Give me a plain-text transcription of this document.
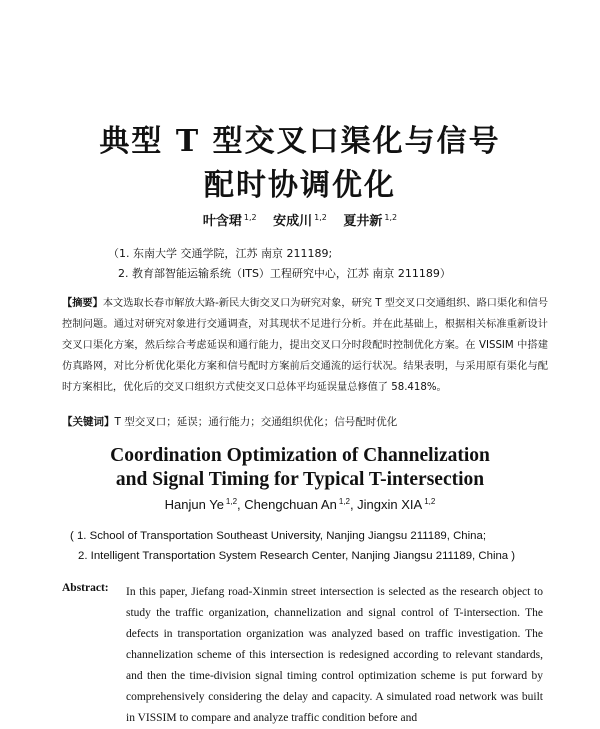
典型 T 型交叉口渠化与信号
配时协调优化
叶含珺 $^{1,2}$ 安成川 $^{1,2}$ 夏井新 $^{1,2}$
（1. 东南大学 交通学院，江苏 南京 211189;
2. 教育部智能运输系统（ITS）工程研究中心，江苏 南京 211189）
【摘要】本文选取长春市解放大路-新民大街交叉口为研究对象，研究 T 型交叉口交通组织、路口渠化和信号控制问题。通过对研究对象进行交通调查，对其现状不足进行分析。并在此基础上，根据相关标准重新设计交叉口渠化方案，然后综合考虑延误和通行能力，提出交叉口分时段配时控制优化方案。在 VISSIM 中搭建仿真路网，对比分析优化渠化方案和信号配时方案前后交通流的运行状况。结果表明，与采用原有渠化与配时方案相比，优化后的交叉口组织方式使交叉口总体平均延误量总修值了 58.418%。
【关键词】T 型交叉口；延误；通行能力；交通组织优化；信号配时优化
Coordination Optimization of Channelization
and Signal Timing for Typical T-intersection
Hanjun Ye $^{1,2}$, Chengchuan An $^{1,2}$, Jingxin XIA $^{1,2}$
( 1. School of Transportation Southeast University, Nanjing Jiangsu 211189, China;
2. Intelligent Transportation System Research Center, Nanjing Jiangsu 211189, China )
Abstract: In this paper, Jiefang road-Xinmin street intersection is selected as the research object to study the traffic organization, channelization and signal control of T-intersection. The defects in transportation organization was analyzed based on traffic investigation. The channelization scheme of this intersection is redesigned according to relevant standards, and then the time-division signal timing control optimization scheme is put forward by comprehensively considering the delay and capacity. A simulated road network was built in VISSIM to compare and analyze traffic condition before and
